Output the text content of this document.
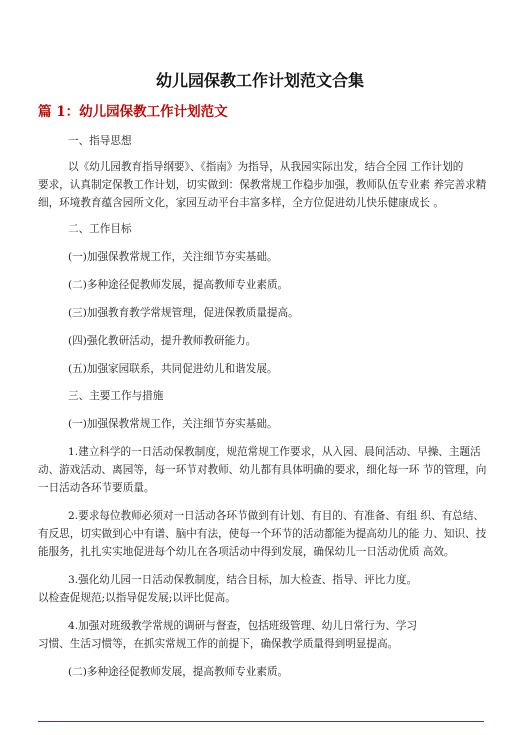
幼儿园保教工作计划范文合集
篇 1：幼儿园保教工作计划范文
一、指导思想
以《幼儿园教育指导纲要》、《指南》为指导，从我园实际出发，结合全园 工作计划的
要求，认真制定保教工作计划，切实做到：保教常规工作稳步加强，教师队伍专业素 养完善求精
细，环境教育蕴含园所文化，家园互动平台丰富多样，全方位促进幼儿快乐健康成长 。
二、工作目标
(一)加强保教常规工作，关注细节夯实基础。
(二)多种途径促教师发展，提高教师专业素质。
(三)加强教育教学常规管理，促进保教质量提高。
(四)强化教研活动，提升教师教研能力。
(五)加强家园联系，共同促进幼儿和谐发展。
三、主要工作与措施
(一)加强保教常规工作，关注细节夯实基础。
1.建立科学的一日活动保教制度，规范常规工作要求，从入园、晨间活动、早操、主题活
动、游戏活动、离园等，每一环节对教师、幼儿都有具体明确的要求，细化每一环 节的管理，向
一日活动各环节要质量。
2.要求每位教师必须对一日活动各环节做到有计划、有目的、有准备、有组 织、有总结、
有反思，切实做到心中有谱、脑中有法，使每一个环节的活动都能为提高幼儿的能 力、知识、技
能服务，扎扎实实地促进每个幼儿在各项活动中得到发展，确保幼儿一日活动优质 高效。
3.强化幼儿园一日活动保教制度，结合目标，加大检查、指导、评比力度。
以检查促规范;以指导促发展;以评比促高。
4.加强对班级教学常规的调研与督查，包括班级管理、幼儿日常行为、学习
习惯、生活习惯等，在抓实常规工作的前提下，确保教学质量得到明显提高。
(二)多种途径促教师发展，提高教师专业素质。
